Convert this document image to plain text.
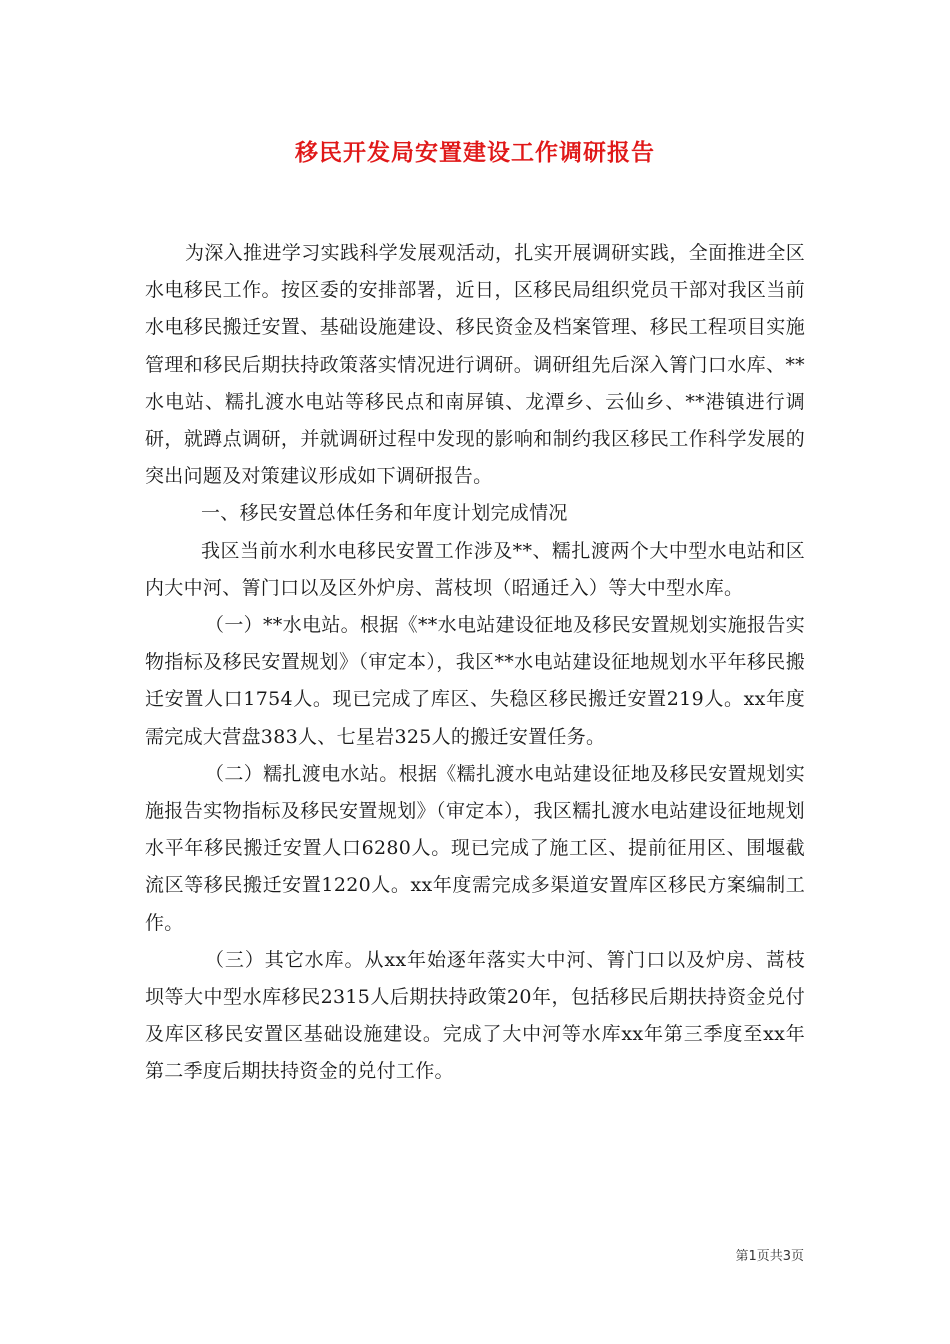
移民开发局安置建设工作调研报告

为深入推进学习实践科学发展观活动，扎实开展调研实践，全面推进全区水电移民工作。按区委的安排部署，近日，区移民局组织党员干部对我区当前水电移民搬迁安置、基础设施建设、移民资金及档案管理、移民工程项目实施管理和移民后期扶持政策落实情况进行调研。调研组先后深入箐门口水库、**水电站、糯扎渡水电站等移民点和南屏镇、龙潭乡、云仙乡、**港镇进行调研，就蹲点调研，并就调研过程中发现的影响和制约我区移民工作科学发展的突出问题及对策建议形成如下调研报告。

一、移民安置总体任务和年度计划完成情况

我区当前水利水电移民安置工作涉及**、糯扎渡两个大中型水电站和区内大中河、箐门口以及区外炉房、蒿枝坝（昭通迁入）等大中型水库。

（一）**水电站。根据《**水电站建设征地及移民安置规划实施报告实物指标及移民安置规划》（审定本），我区**水电站建设征地规划水平年移民搬迁安置人口1754人。现已完成了库区、失稳区移民搬迁安置219人。xx年度需完成大营盘383人、七星岩325人的搬迁安置任务。

（二）糯扎渡电水站。根据《糯扎渡水电站建设征地及移民安置规划实施报告实物指标及移民安置规划》（审定本），我区糯扎渡水电站建设征地规划水平年移民搬迁安置人口6280人。现已完成了施工区、提前征用区、围堰截流区等移民搬迁安置1220人。xx年度需完成多渠道安置库区移民方案编制工作。

（三）其它水库。从xx年始逐年落实大中河、箐门口以及炉房、蒿枝坝等大中型水库移民2315人后期扶持政策20年，包括移民后期扶持资金兑付及库区移民安置区基础设施建设。完成了大中河等水库xx年第三季度至xx年第二季度后期扶持资金的兑付工作。

第1页共3页
